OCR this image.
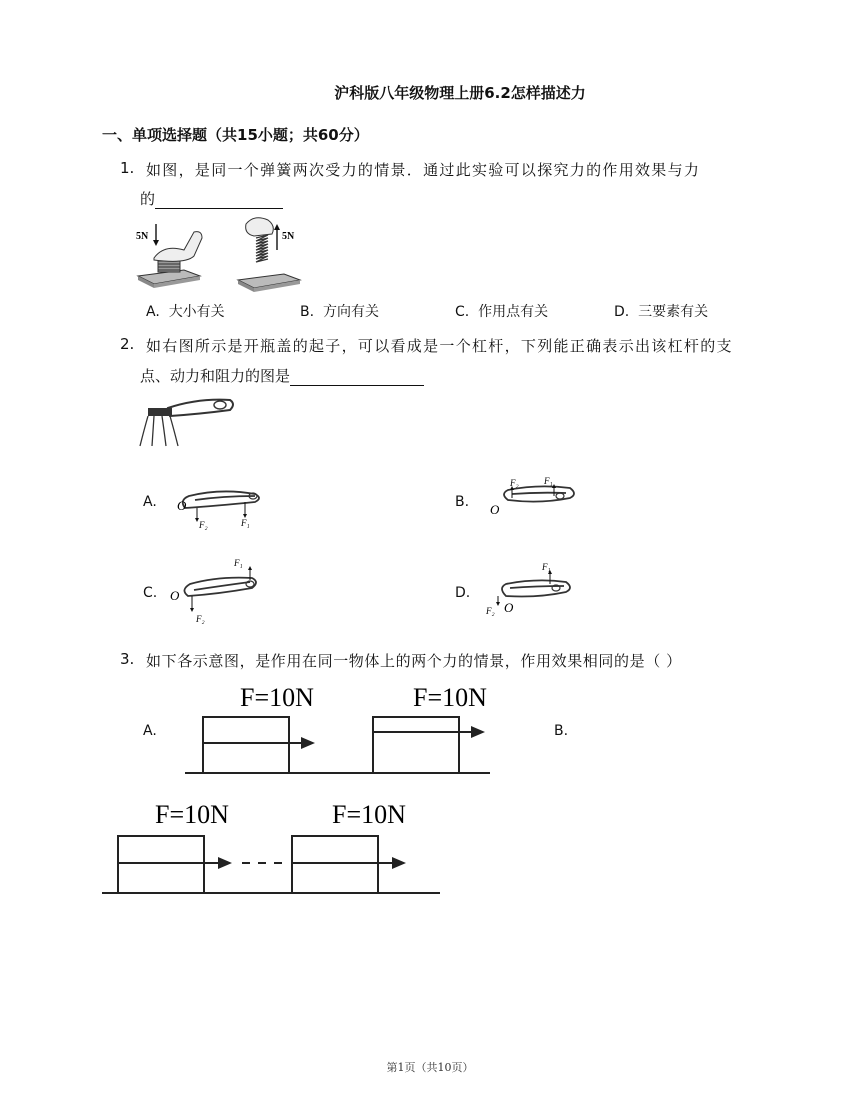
沪科版八年级物理上册6.2怎样描述力
一、单项选择题（共15小题；共60分）
1. 如图，是同一个弹簧两次受力的情景．通过此实验可以探究力的作用效果与力
的
5N	5N
A. 大小有关	B. 方向有关	C. 作用点有关	D. 三要素有关
2. 如右图所示是开瓶盖的起子，可以看成是一个杠杆，下列能正确表示出该杠杆的支
点、动力和阻力的图是
A. O
F₂	F₁
B. O
F₂	F₁
C. O
F₂
F₁
D.
O
F₂
F₁
3. 如下各示意图，是作用在同一物体上的两个力的情景，作用效果相同的是（ ）
A.	B.
F=10N	F=10N
F=10N	F=10N
第1页（共10页）
